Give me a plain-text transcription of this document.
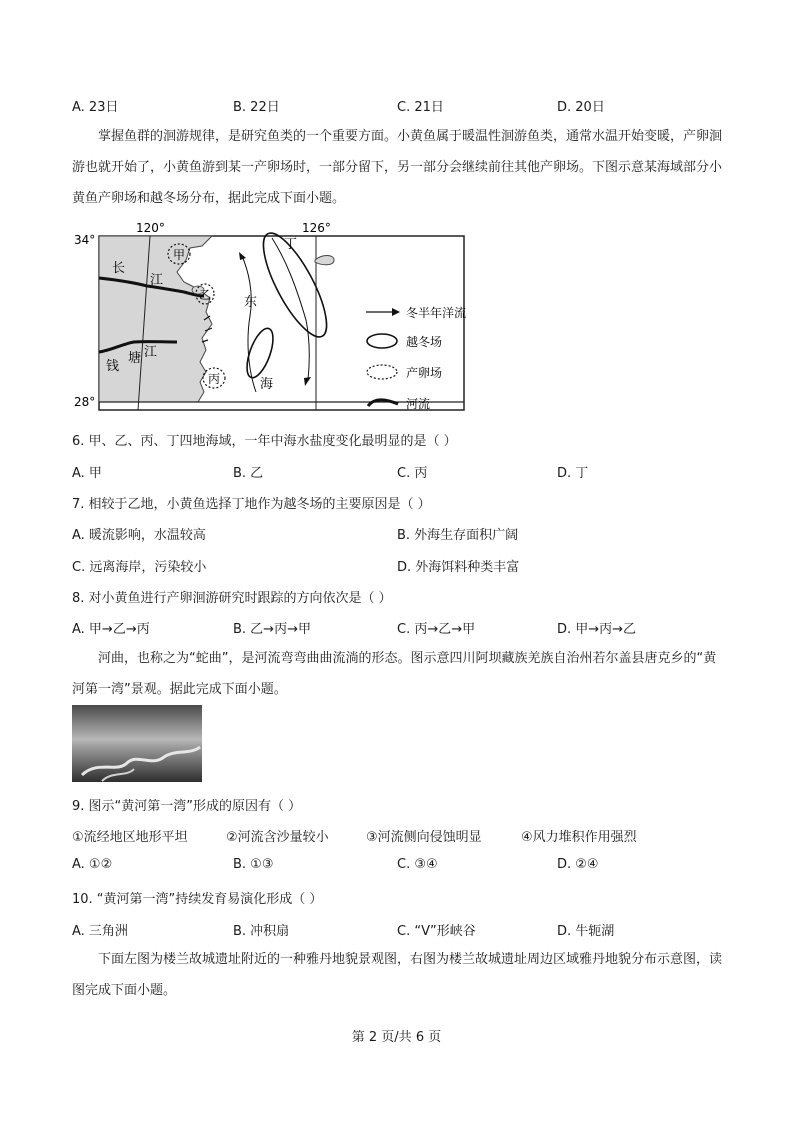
A. 23日	B. 22日	C. 21日	D. 20日
掌握鱼群的洄游规律，是研究鱼类的一个重要方面。小黄鱼属于暖温性洄游鱼类，通常水温开始变暖，产卵洄游也就开始了，小黄鱼游到某一产卵场时，一部分留下，另一部分会继续前往其他产卵场。下图示意某海域部分小黄鱼产卵场和越冬场分布，据此完成下面小题。
34°
28°
120°	126°
长
江
塘
钱
江
东
海
甲
乙
丙
丁
冬半年洋流
越冬场
产卵场
河流
6. 甲、乙、丙、丁四地海域，一年中海水盐度变化最明显的是（ ）
A. 甲	B. 乙	C. 丙	D. 丁
7. 相较于乙地，小黄鱼选择丁地作为越冬场的主要原因是（ ）
A. 暖流影响，水温较高	B. 外海生存面积广阔
C. 远离海岸，污染较小	D. 外海饵料种类丰富
8. 对小黄鱼进行产卵洄游研究时跟踪的方向依次是（ ）
A. 甲→乙→丙	B. 乙→丙→甲	C. 丙→乙→甲	D. 甲→丙→乙
河曲，也称之为“蛇曲”，是河流弯弯曲曲流淌的形态。图示意四川阿坝藏族羌族自治州若尔盖县唐克乡的“黄河第一湾”景观。据此完成下面小题。
9. 图示“黄河第一湾”形成的原因有（ ）
①流经地区地形平坦	②河流含沙量较小	③河流侧向侵蚀明显	④风力堆积作用强烈
A. ①②	B. ①③	C. ③④	D. ②④
10. “黄河第一湾”持续发育易演化形成（ ）
A. 三角洲	B. 冲积扇	C. “V”形峡谷	D. 牛轭湖
下面左图为楼兰故城遗址附近的一种雅丹地貌景观图，右图为楼兰故城遗址周边区域雅丹地貌分布示意图，读图完成下面小题。
第 2 页/共 6 页
